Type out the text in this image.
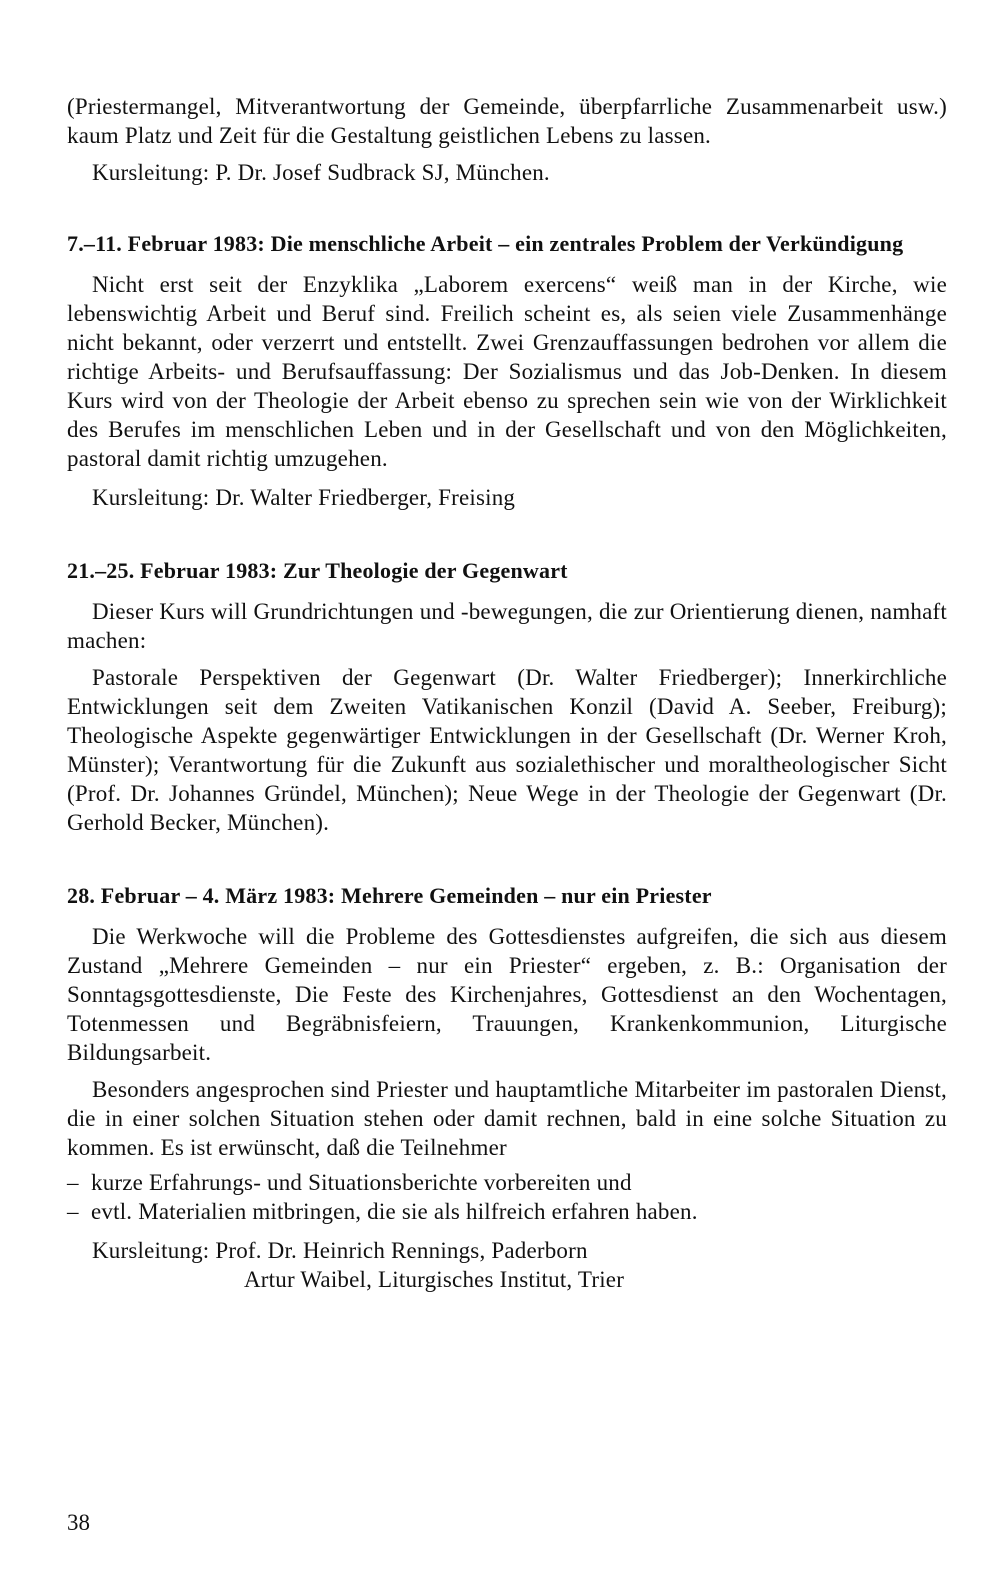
(Priestermangel, Mitverantwortung der Gemeinde, überpfarrliche Zusammenarbeit usw.) kaum Platz und Zeit für die Gestaltung geistlichen Lebens zu lassen.

Kursleitung: P. Dr. Josef Sudbrack SJ, München.

7.–11. Februar 1983: Die menschliche Arbeit – ein zentrales Problem der Verkündigung

Nicht erst seit der Enzyklika „Laborem exercens“ weiß man in der Kirche, wie lebenswichtig Arbeit und Beruf sind. Freilich scheint es, als seien viele Zusammenhänge nicht bekannt, oder verzerrt und entstellt. Zwei Grenzauffassungen bedrohen vor allem die richtige Arbeits- und Berufsauffassung: Der Sozialismus und das Job-Denken. In diesem Kurs wird von der Theologie der Arbeit ebenso zu sprechen sein wie von der Wirklichkeit des Berufes im menschlichen Leben und in der Gesellschaft und von den Möglichkeiten, pastoral damit richtig umzugehen.

Kursleitung: Dr. Walter Friedberger, Freising

21.–25. Februar 1983: Zur Theologie der Gegenwart

Dieser Kurs will Grundrichtungen und -bewegungen, die zur Orientierung dienen, namhaft machen:

Pastorale Perspektiven der Gegenwart (Dr. Walter Friedberger); Innerkirchliche Entwicklungen seit dem Zweiten Vatikanischen Konzil (David A. Seeber, Freiburg); Theologische Aspekte gegenwärtiger Entwicklungen in der Gesellschaft (Dr. Werner Kroh, Münster); Verantwortung für die Zukunft aus sozialethischer und moraltheologischer Sicht (Prof. Dr. Johannes Gründel, München); Neue Wege in der Theologie der Gegenwart (Dr. Gerhold Becker, München).

28. Februar – 4. März 1983: Mehrere Gemeinden – nur ein Priester

Die Werkwoche will die Probleme des Gottesdienstes aufgreifen, die sich aus diesem Zustand „Mehrere Gemeinden – nur ein Priester“ ergeben, z. B.: Organisation der Sonntagsgottesdienste, Die Feste des Kirchenjahres, Gottesdienst an den Wochentagen, Totenmessen und Begräbnisfeiern, Trauungen, Krankenkommunion, Liturgische Bildungsarbeit.

Besonders angesprochen sind Priester und hauptamtliche Mitarbeiter im pastoralen Dienst, die in einer solchen Situation stehen oder damit rechnen, bald in eine solche Situation zu kommen. Es ist erwünscht, daß die Teilnehmer

– kurze Erfahrungs- und Situationsberichte vorbereiten und
– evtl. Materialien mitbringen, die sie als hilfreich erfahren haben.

Kursleitung: Prof. Dr. Heinrich Rennings, Paderborn

Artur Waibel, Liturgisches Institut, Trier

38
